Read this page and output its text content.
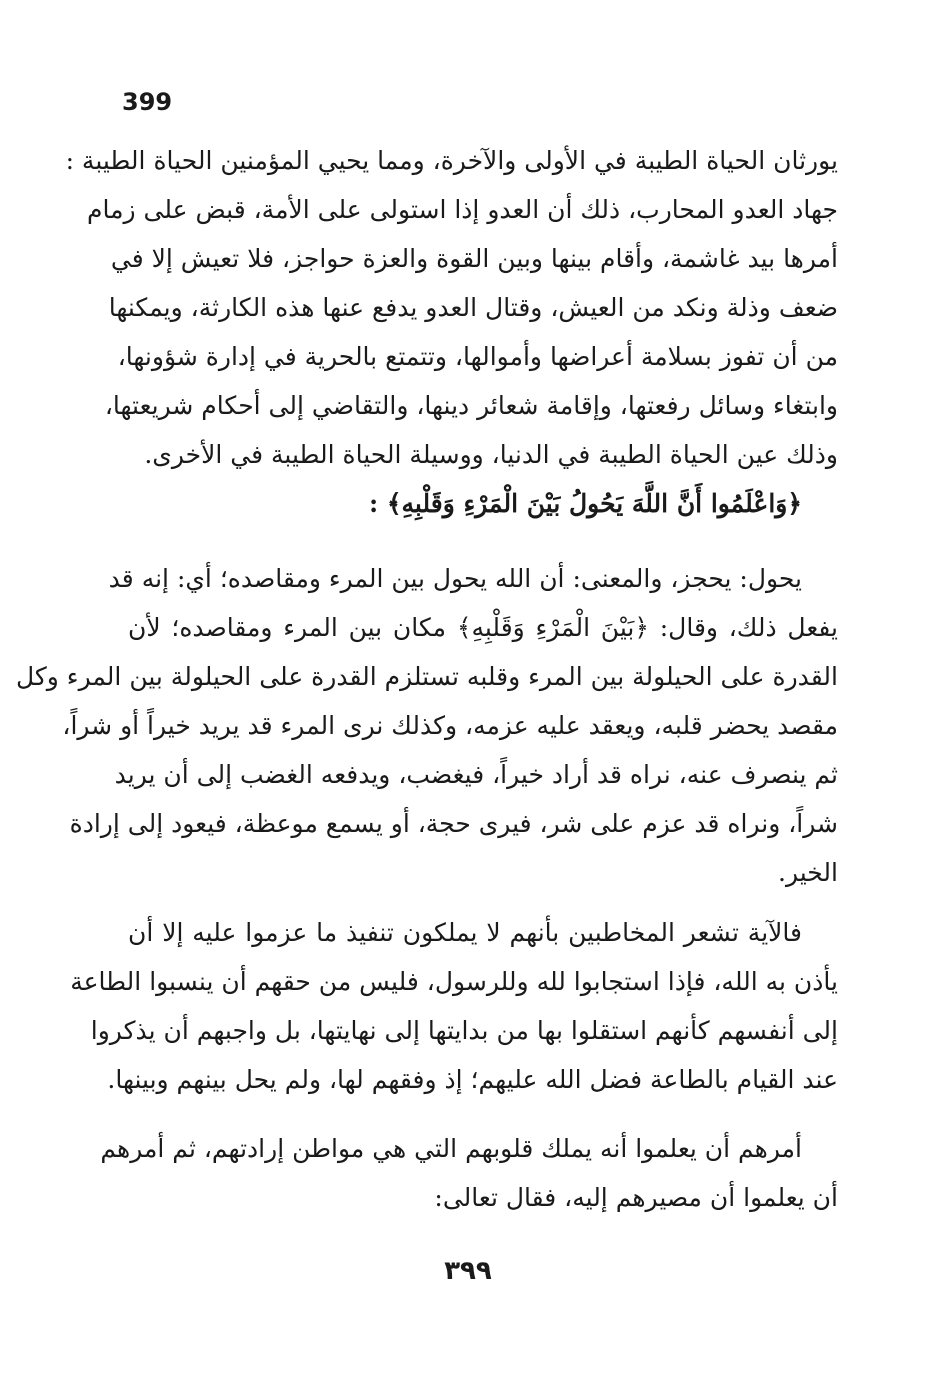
399
يورثان الحياة الطيبة في الأولى والآخرة، ومما يحيي المؤمنين الحياة الطيبة :
جهاد العدو المحارب، ذلك أن العدو إذا استولى على الأمة، قبض على زمام
أمرها بيد غاشمة، وأقام بينها وبين القوة والعزة حواجز، فلا تعيش إلا في
ضعف وذلة ونكد من العيش، وقتال العدو يدفع عنها هذه الكارثة، ويمكنها
من أن تفوز بسلامة أعراضها وأموالها، وتتمتع بالحرية في إدارة شؤونها،
وابتغاء وسائل رفعتها، وإقامة شعائر دينها، والتقاضي إلى أحكام شريعتها،
وذلك عين الحياة الطيبة في الدنيا، ووسيلة الحياة الطيبة في الأخرى.
﴿وَاعْلَمُوا أَنَّ اللَّهَ يَحُولُ بَيْنَ الْمَرْءِ وَقَلْبِهِ﴾ :
يحول: يحجز، والمعنى: أن الله يحول بين المرء ومقاصده؛ أي: إنه قد
يفعل ذلك، وقال: ﴿بَيْنَ الْمَرْءِ وَقَلْبِهِ﴾ مكان بين المرء ومقاصده؛ لأن
القدرة على الحيلولة بين المرء وقلبه تستلزم القدرة على الحيلولة بين المرء وكل
مقصد يحضر قلبه، ويعقد عليه عزمه، وكذلك نرى المرء قد يريد خيراً أو شراً،
ثم ينصرف عنه، نراه قد أراد خيراً، فيغضب، ويدفعه الغضب إلى أن يريد
شراً، ونراه قد عزم على شر، فيرى حجة، أو يسمع موعظة، فيعود إلى إرادة
الخير.
فالآية تشعر المخاطبين بأنهم لا يملكون تنفيذ ما عزموا عليه إلا أن
يأذن به الله، فإذا استجابوا لله وللرسول، فليس من حقهم أن ينسبوا الطاعة
إلى أنفسهم كأنهم استقلوا بها من بدايتها إلى نهايتها، بل واجبهم أن يذكروا
عند القيام بالطاعة فضل الله عليهم؛ إذ وفقهم لها، ولم يحل بينهم وبينها.
أمرهم أن يعلموا أنه يملك قلوبهم التي هي مواطن إرادتهم، ثم أمرهم
أن يعلموا أن مصيرهم إليه، فقال تعالى:
٣٩٩
